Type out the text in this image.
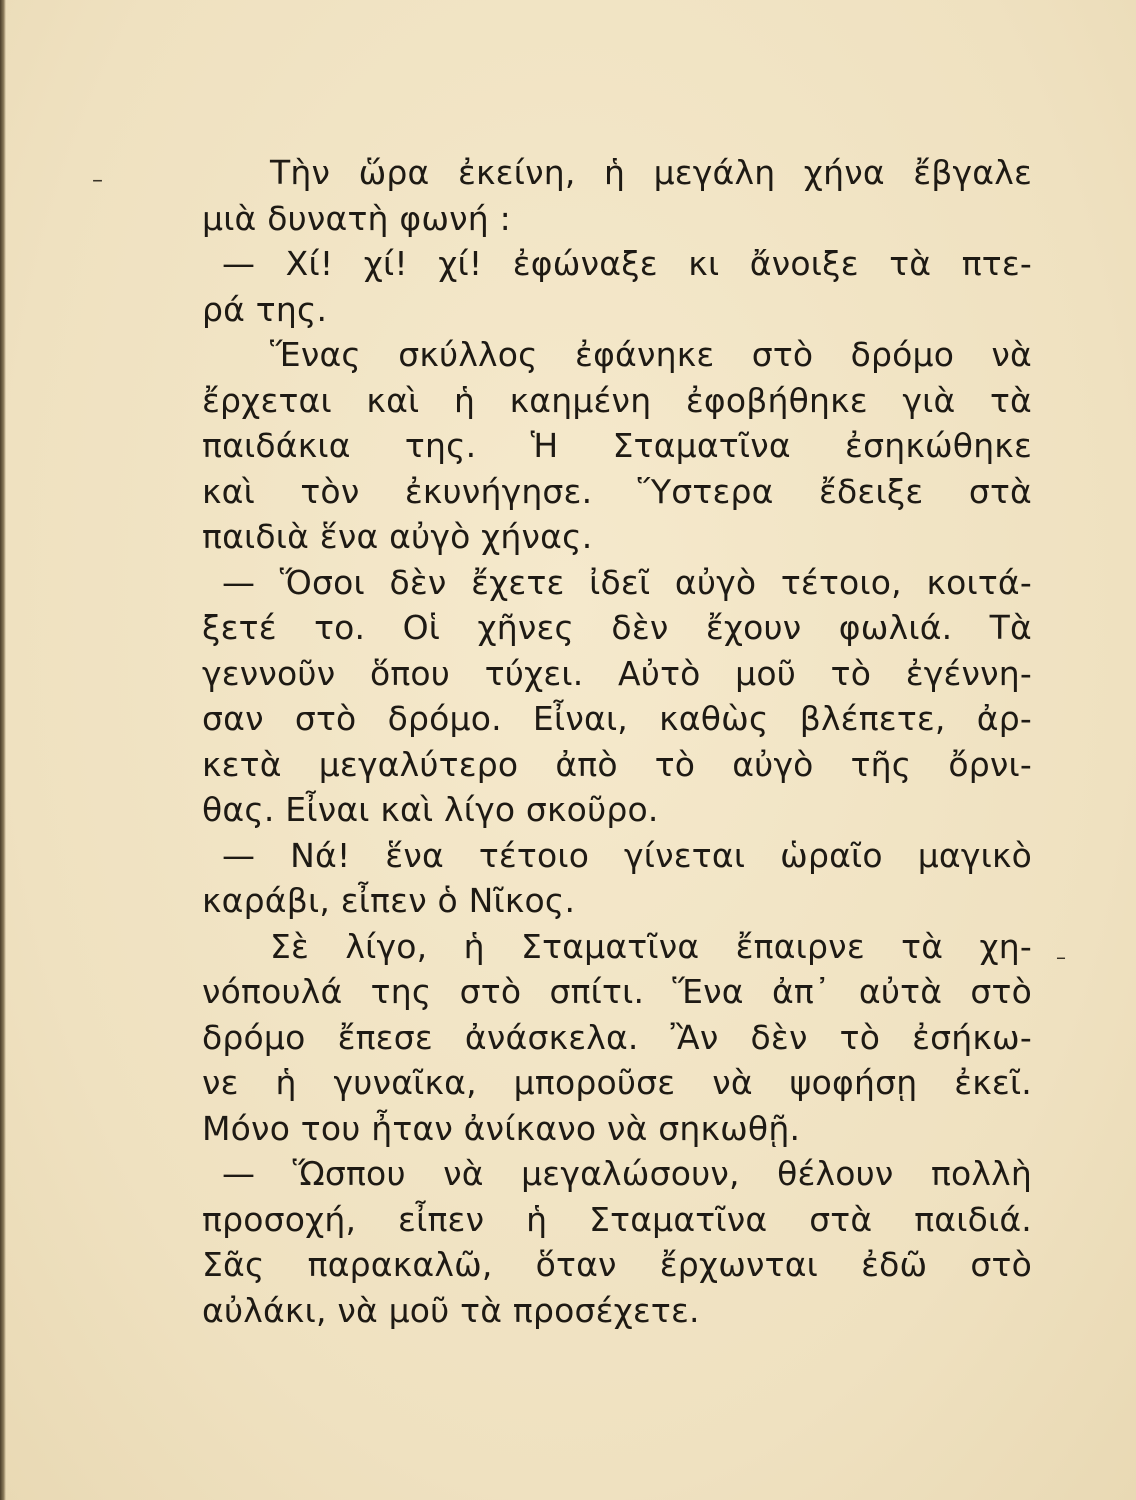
–
–
Τὴν ὥρα ἐκείνη, ἡ μεγάλη χήνα ἔβγαλε
μιὰ δυνατὴ φωνή :
— Χί! χί! χί! ἐφώναξε κι ἄνοιξε τὰ πτε-
ρά της.
Ἕνας σκύλλος ἐφάνηκε στὸ δρόμο νὰ
ἔρχεται καὶ ἡ καημένη ἐφοβήθηκε γιὰ τὰ
παιδάκια της. Ἡ Σταματῖνα ἐσηκώθηκε
καὶ τὸν ἐκυνήγησε. Ὕστερα ἔδειξε στὰ
παιδιὰ ἕνα αὐγὸ χήνας.
— Ὅσοι δὲν ἔχετε ἰδεῖ αὐγὸ τέτοιο, κοιτά-
ξετέ το. Οἱ χῆνες δὲν ἔχουν φωλιά. Τὰ
γεννοῦν ὅπου τύχει. Αὐτὸ μοῦ τὸ ἐγέννη-
σαν στὸ δρόμο. Εἶναι, καθὼς βλέπετε, ἀρ-
κετὰ μεγαλύτερο ἀπὸ τὸ αὐγὸ τῆς ὄρνι-
θας. Εἶναι καὶ λίγο σκοῦρο.
— Νά! ἕνα τέτοιο γίνεται ὡραῖο μαγικὸ
καράβι, εἶπεν ὁ Νῖκος.
Σὲ λίγο, ἡ Σταματῖνα ἔπαιρνε τὰ χη-
νόπουλά της στὸ σπίτι. Ἕνα ἀπ᾿ αὐτὰ στὸ
δρόμο ἔπεσε ἀνάσκελα. Ἂν δὲν τὸ ἐσήκω-
νε ἡ γυναῖκα, μποροῦσε νὰ ψοφήσῃ ἐκεῖ.
Μόνο του ἦταν ἀνίκανο νὰ σηκωθῇ.
— Ὥσπου νὰ μεγαλώσουν, θέλουν πολλὴ
προσοχή, εἶπεν ἡ Σταματῖνα στὰ παιδιά.
Σᾶς παρακαλῶ, ὅταν ἔρχωνται ἐδῶ στὸ
αὐλάκι, νὰ μοῦ τὰ προσέχετε.
